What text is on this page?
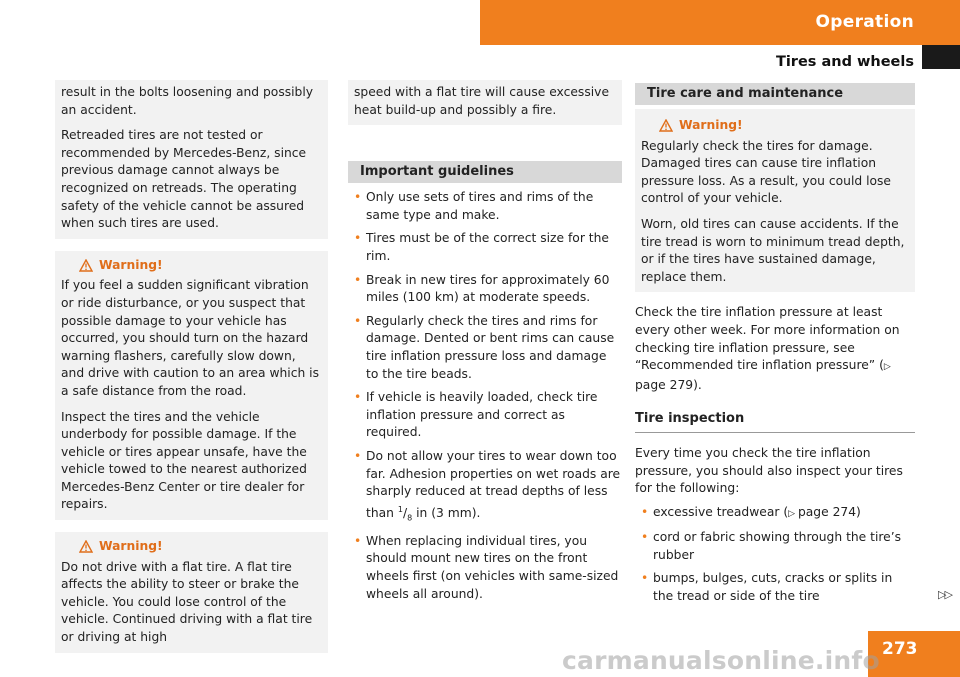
Operation
Tires and wheels

result in the bolts loosening and possibly an accident.

Retreaded tires are not tested or recommended by Mercedes-Benz, since previous damage cannot always be recognized on retreads. The operating safety of the vehicle cannot be assured when such tires are used.

Warning!

If you feel a sudden significant vibration or ride disturbance, or you suspect that possible damage to your vehicle has occurred, you should turn on the hazard warning flashers, carefully slow down, and drive with caution to an area which is a safe distance from the road.

Inspect the tires and the vehicle underbody for possible damage. If the vehicle or tires appear unsafe, have the vehicle towed to the nearest authorized Mercedes-Benz Center or tire dealer for repairs.

Warning!

Do not drive with a flat tire. A flat tire affects the ability to steer or brake the vehicle. You could lose control of the vehicle. Continued driving with a flat tire or driving at high

speed with a flat tire will cause excessive heat build-up and possibly a fire.

Important guidelines
• Only use sets of tires and rims of the same type and make.
• Tires must be of the correct size for the rim.
• Break in new tires for approximately 60 miles (100 km) at moderate speeds.
• Regularly check the tires and rims for damage. Dented or bent rims can cause tire inflation pressure loss and damage to the tire beads.
• If vehicle is heavily loaded, check tire inflation pressure and correct as required.
• Do not allow your tires to wear down too far. Adhesion properties on wet roads are sharply reduced at tread depths of less than $^1/_8$ in (3 mm).
• When replacing individual tires, you should mount new tires on the front wheels first (on vehicles with same-sized wheels all around).
Tire care and maintenance
Warning!

Regularly check the tires for damage. Damaged tires can cause tire inflation pressure loss. As a result, you could lose control of your vehicle.

Worn, old tires can cause accidents. If the tire tread is worn to minimum tread depth, or if the tires have sustained damage, replace them.

Check the tire inflation pressure at least every other week. For more information on checking tire inflation pressure, see “Recommended tire inflation pressure” (▷ page 279).

Tire inspection

Every time you check the tire inflation pressure, you should also inspect your tires for the following:

• excessive treadwear (▷ page 274)
• cord or fabric showing through the tire’s rubber
• bumps, bulges, cuts, cracks or splits in the tread or side of the tire	▷▷
273
carmanualsonline.info
